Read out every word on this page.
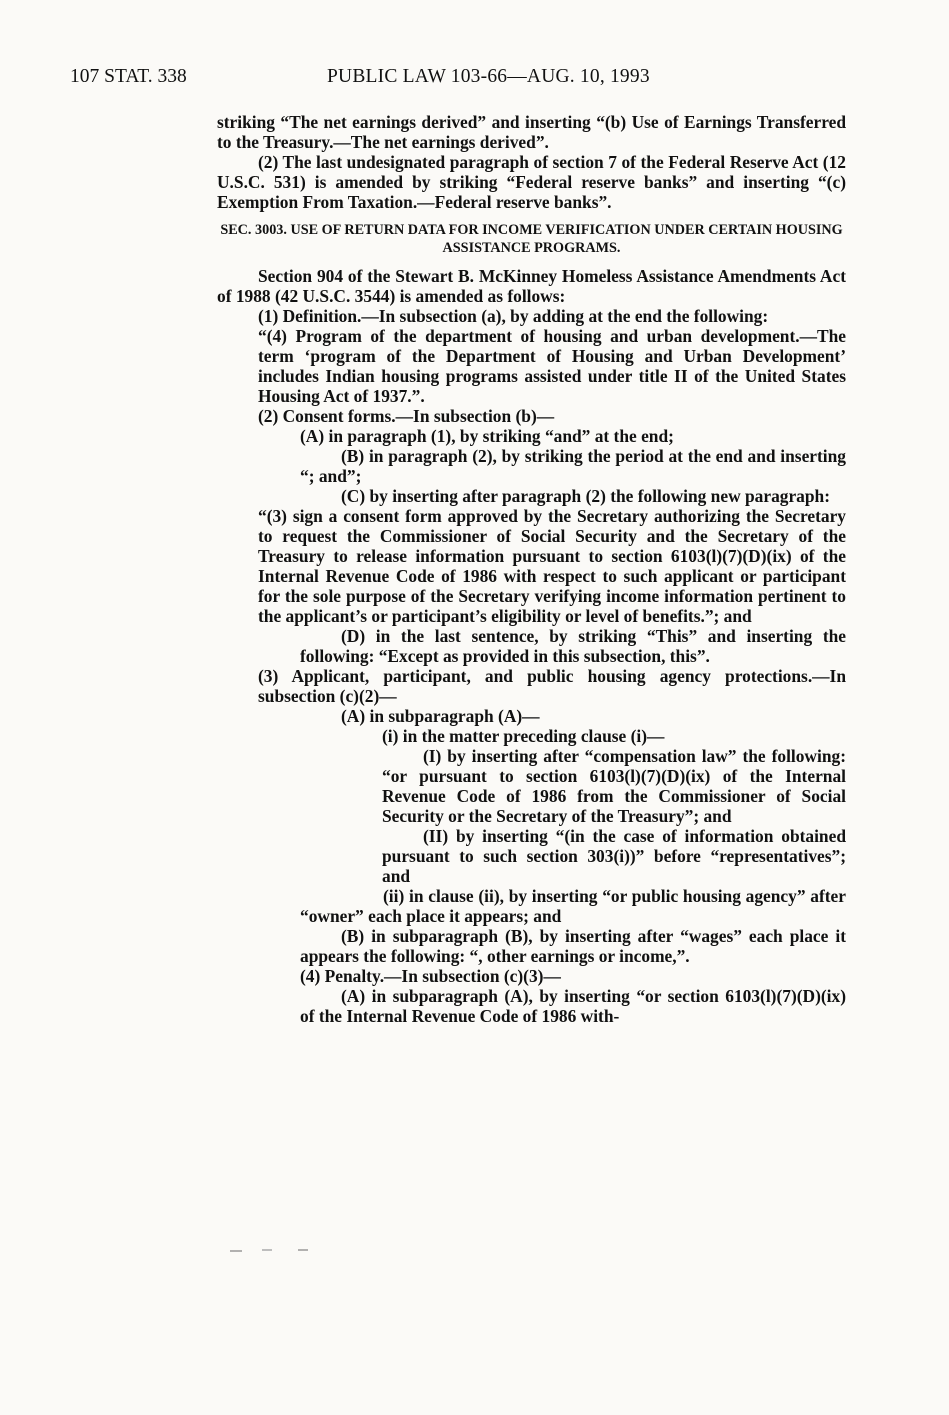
107 STAT. 338	PUBLIC LAW 103-66—AUG. 10, 1993

striking “The net earnings derived” and inserting “(b) Use of Earnings Transferred to the Treasury.—The net earnings derived”.

(2) The last undesignated paragraph of section 7 of the Federal Reserve Act (12 U.S.C. 531) is amended by striking “Federal reserve banks” and inserting “(c) Exemption From Taxation.—Federal reserve banks”.

SEC. 3003. USE OF RETURN DATA FOR INCOME VERIFICATION UNDER CERTAIN HOUSING ASSISTANCE PROGRAMS.

Section 904 of the Stewart B. McKinney Homeless Assistance Amendments Act of 1988 (42 U.S.C. 3544) is amended as follows:

(1) Definition.—In subsection (a), by adding at the end the following:

“(4) Program of the department of housing and urban development.—The term ‘program of the Department of Housing and Urban Development’ includes Indian housing programs assisted under title II of the United States Housing Act of 1937.”.

(2) Consent forms.—In subsection (b)—

(A) in paragraph (1), by striking “and” at the end;

(B) in paragraph (2), by striking the period at the end and inserting “; and”;

(C) by inserting after paragraph (2) the following new paragraph:

“(3) sign a consent form approved by the Secretary authorizing the Secretary to request the Commissioner of Social Security and the Secretary of the Treasury to release information pursuant to section 6103(l)(7)(D)(ix) of the Internal Revenue Code of 1986 with respect to such applicant or participant for the sole purpose of the Secretary verifying income information pertinent to the applicant’s or participant’s eligibility or level of benefits.”; and

(D) in the last sentence, by striking “This” and inserting the following: “Except as provided in this subsection, this”.

(3) Applicant, participant, and public housing agency protections.—In subsection (c)(2)—

(A) in subparagraph (A)—

(i) in the matter preceding clause (i)—

(I) by inserting after “compensation law” the following: “or pursuant to section 6103(l)(7)(D)(ix) of the Internal Revenue Code of 1986 from the Commissioner of Social Security or the Secretary of the Treasury”; and

(II) by inserting “(in the case of information obtained pursuant to such section 303(i))” before “representatives”; and

(ii) in clause (ii), by inserting “or public housing agency” after “owner” each place it appears; and

(B) in subparagraph (B), by inserting after “wages” each place it appears the following: “, other earnings or income,”.

(4) Penalty.—In subsection (c)(3)—

(A) in subparagraph (A), by inserting “or section 6103(l)(7)(D)(ix) of the Internal Revenue Code of 1986 with-
